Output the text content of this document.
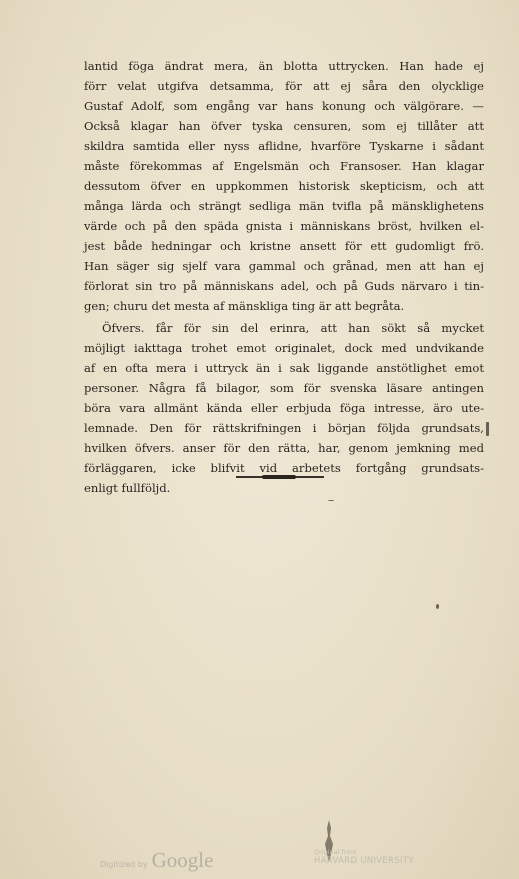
lantid föga ändrat mera, än blotta uttrycken. Han hade ej
förr velat utgifva detsamma, för att ej såra den olycklige
Gustaf Adolf, som engång var hans konung och välgörare. —
Också klagar han öfver tyska censuren, som ej tillåter att
skildra samtida eller nyss aflidne, hvarföre Tyskarne i sådant
måste förekommas af Engelsmän och Fransoser. Han klagar
dessutom öfver en uppkommen historisk skepticism, och att
många lärda och strängt sedliga män tvifla på mänsklighetens
värde och på den späda gnista i människans bröst, hvilken el-
jest både hedningar och kristne ansett för ett gudomligt frö.
Han säger sig sjelf vara gammal och grånad, men att han ej
förlorat sin tro på människans adel, och på Guds närvaro i tin-
gen; churu det mesta af mänskliga ting är att begråta.
Öfvers. får för sin del erinra, att han sökt så mycket
möjligt iakttaga trohet emot originalet, dock med undvikande
af en ofta mera i uttryck än i sak liggande anstötlighet emot
personer. Några få bilagor, som för svenska läsare antingen
böra vara allmänt kända eller erbjuda föga intresse, äro ute-
lemnade. Den för rättskrifningen i början följda grundsats,
hvilken öfvers. anser för den rätta, har, genom jemkning med
förläggaren, icke blifvit vid arbetets fortgång grundsats-
enligt fullföljd.
Digitized by Google	Original from
HARVARD UNIVERSITY
